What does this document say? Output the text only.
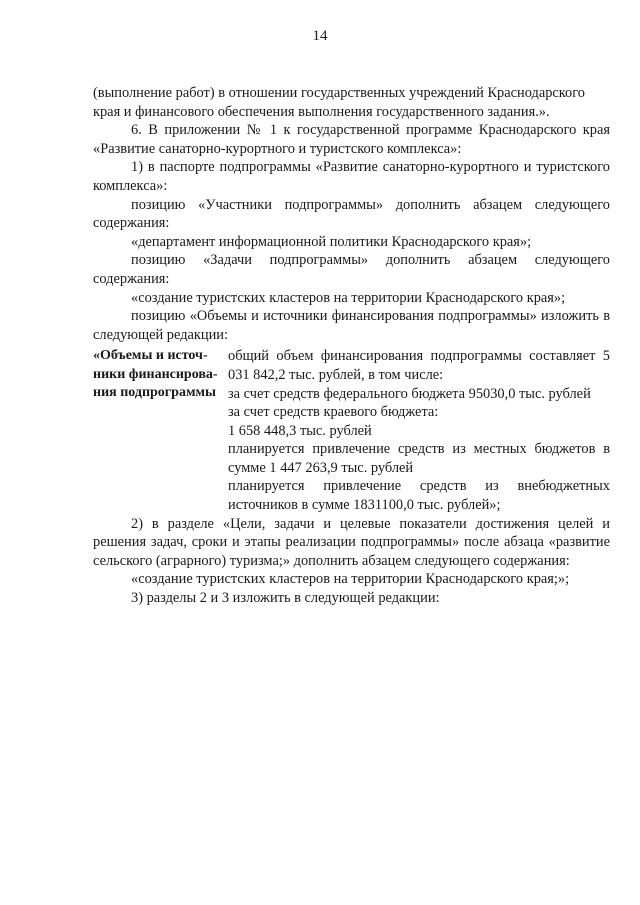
14

(выполнение работ) в отношении государственных учреждений Краснодарского
края и финансового обеспечения выполнения государственного задания.».

6. В приложении № 1 к государственной программе Краснодарского края «Развитие санаторно-курортного и туристского комплекса»:

1) в паспорте подпрограммы «Развитие санаторно-курортного и туристского комплекса»:

позицию «Участники подпрограммы» дополнить абзацем следующего содержания:

«департамент информационной политики Краснодарского края»;

позицию «Задачи подпрограммы» дополнить абзацем следующего

содержания:

«создание туристских кластеров на территории Краснодарского края»;

позицию «Объемы и источники финансирования подпрограммы» изложить в следующей редакции:

«Объемы и источ-
ники финансирова-
ния подпрограммы

общий объем финансирования подпрограммы составляет 5 031 842,2 тыс. рублей, в том числе:

за счет средств федерального бюджета 95030,0 тыс. рублей

за счет средств краевого бюджета:

1 658 448,3 тыс. рублей

планируется привлечение средств из местных бюджетов в сумме 1 447 263,9 тыс. рублей

планируется привлечение средств из внебюджетных источников в сумме 1831100,0 тыс. рублей»;

2) в разделе «Цели, задачи и целевые показатели достижения целей и решения задач, сроки и этапы реализации подпрограммы» после абзаца «развитие сельского (аграрного) туризма;» дополнить абзацем следующего содержания:

«создание туристских кластеров на территории Краснодарского края;»;

3) разделы 2 и 3 изложить в следующей редакции:
